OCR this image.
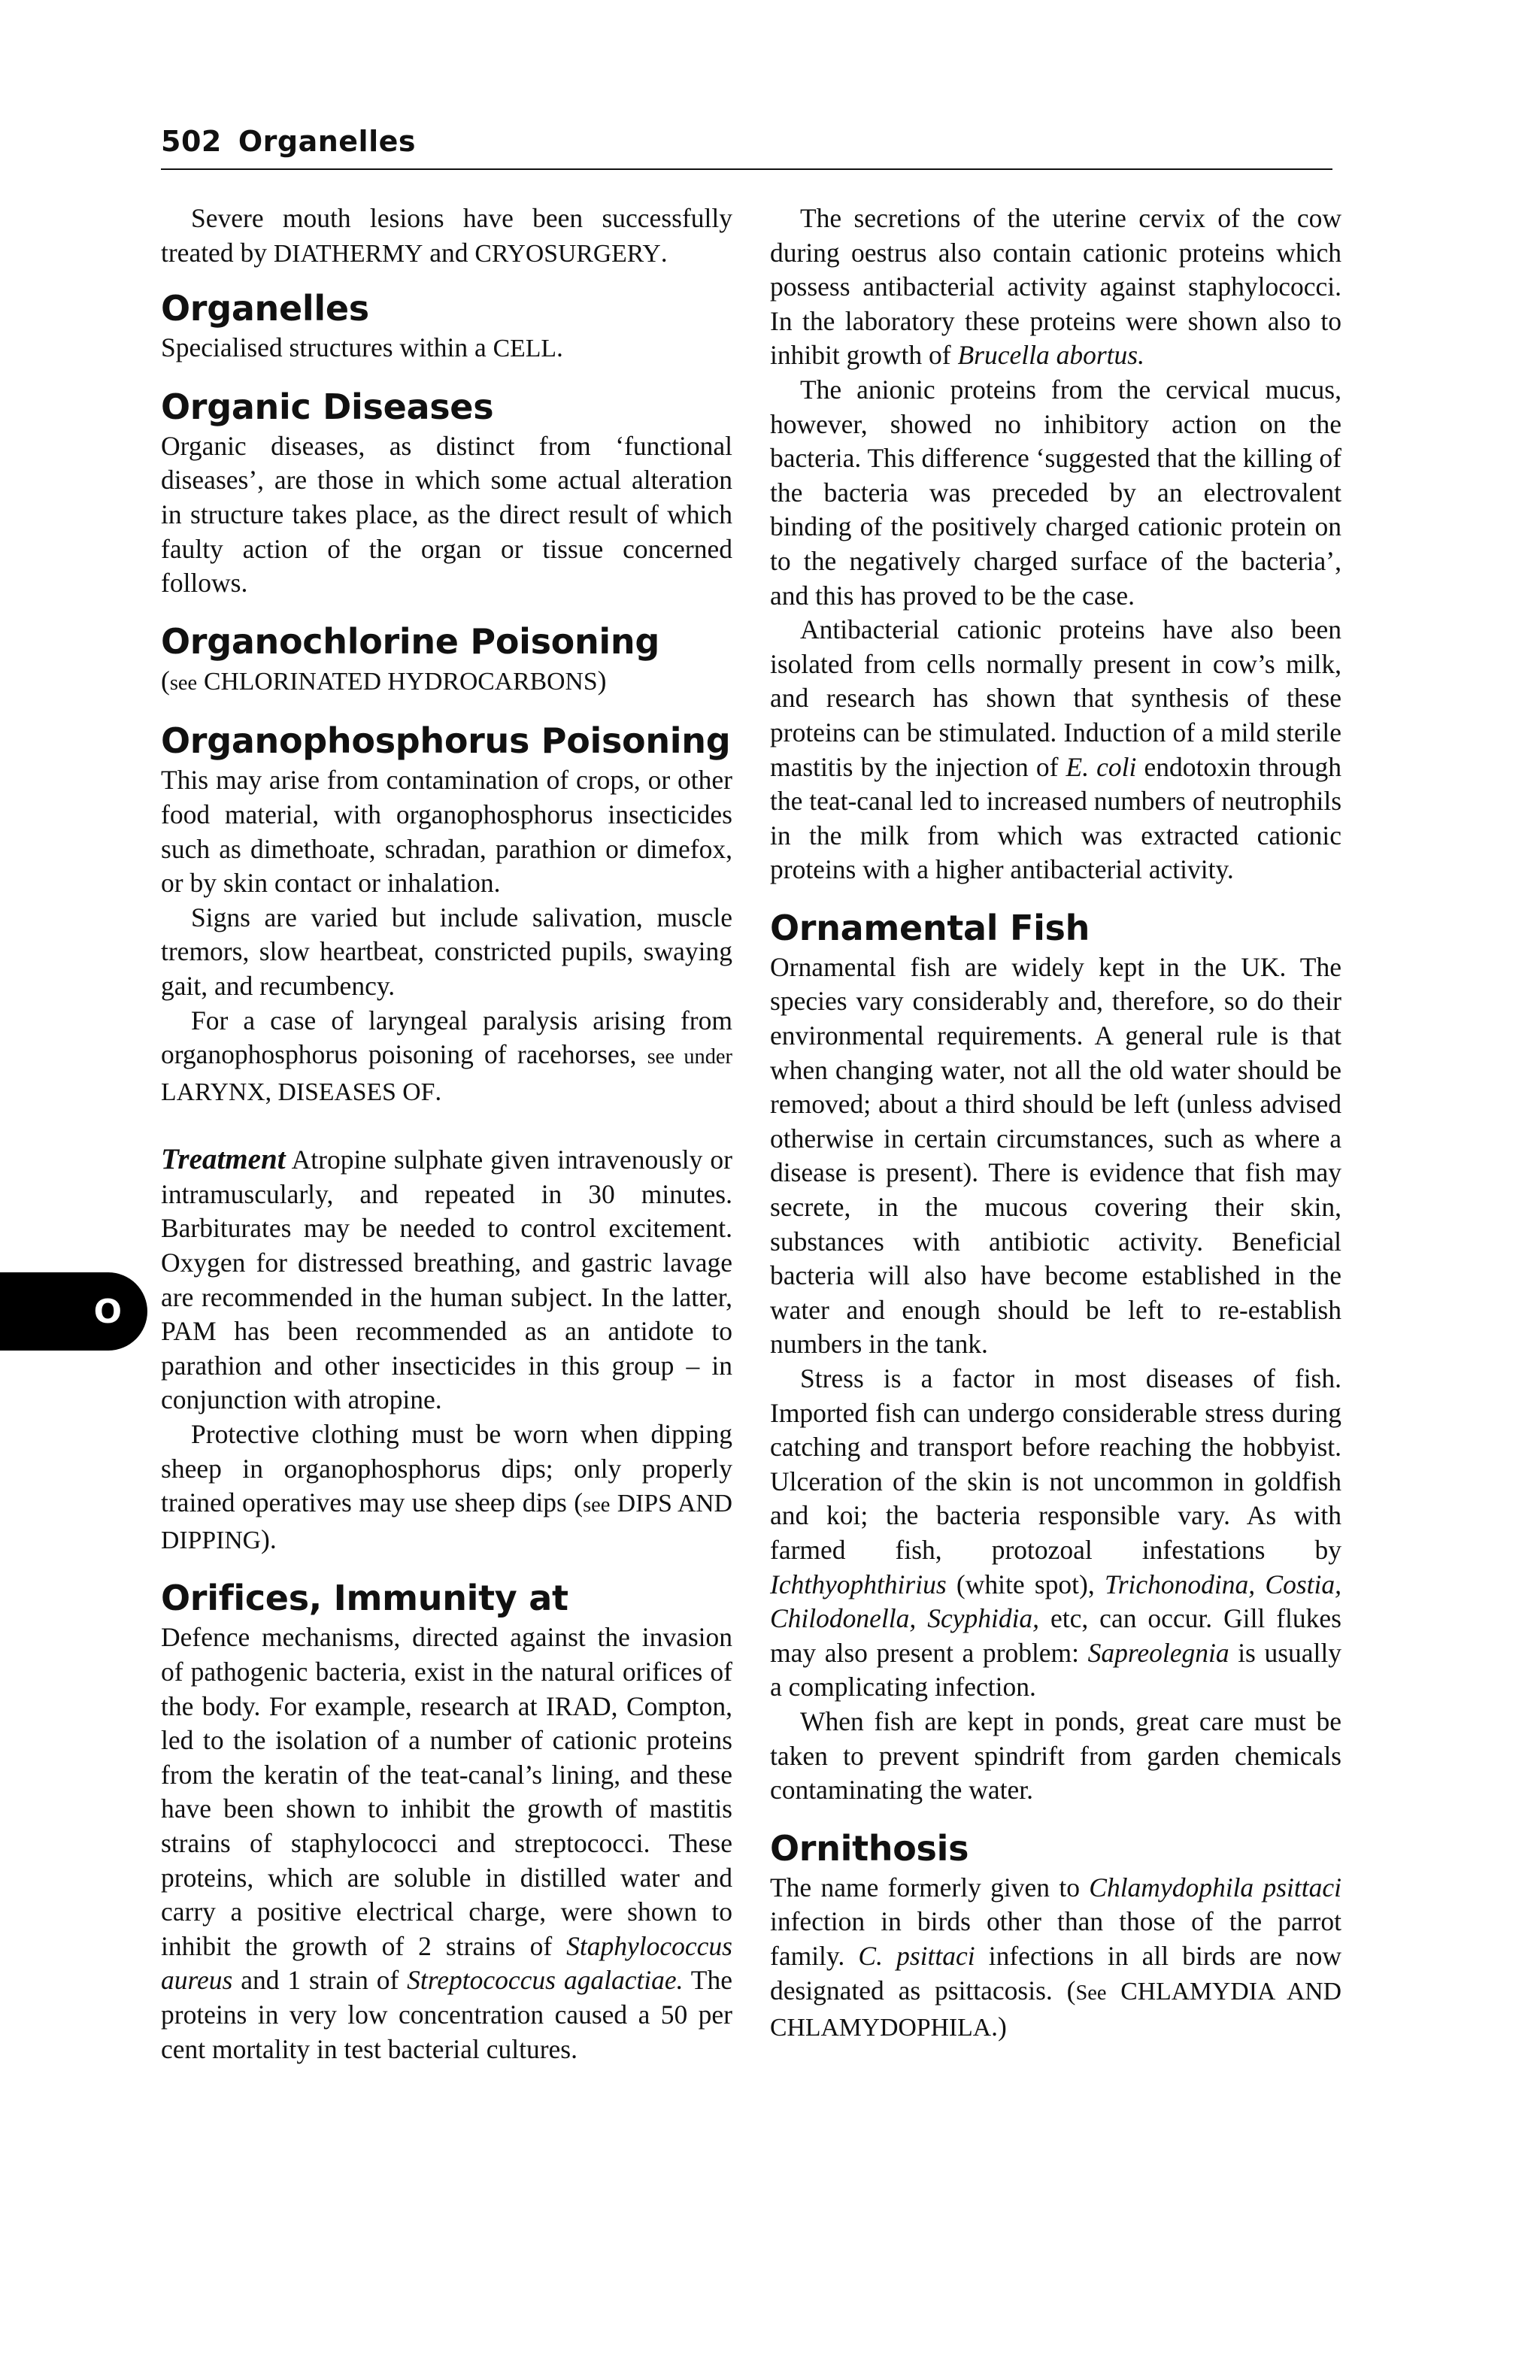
502 Organelles
O

Severe mouth lesions have been successfully treated by DIATHERMY and CRYOSURGERY.

Organelles

Specialised structures within a CELL.

Organic Diseases

Organic diseases, as distinct from ‘functional diseases’, are those in which some actual alteration in structure takes place, as the direct result of which faulty action of the organ or tissue concerned follows.

Organochlorine Poisoning

(see CHLORINATED HYDROCARBONS)

Organophosphorus Poisoning

This may arise from contamination of crops, or other food material, with organophosphorus insecticides such as dimethoate, schradan, parathion or dimefox, or by skin contact or inhalation.

Signs are varied but include salivation, muscle tremors, slow heartbeat, constricted pupils, swaying gait, and recumbency.

For a case of laryngeal paralysis arising from organophosphorus poisoning of racehorses, see under LARYNX, DISEASES OF.

Treatment Atropine sulphate given intravenously or intramuscularly, and repeated in 30 minutes. Barbiturates may be needed to control excitement. Oxygen for distressed breathing, and gastric lavage are recommended in the human subject. In the latter, PAM has been recommended as an antidote to parathion and other insecticides in this group – in conjunction with atropine.

Protective clothing must be worn when dipping sheep in organophosphorus dips; only properly trained operatives may use sheep dips (see DIPS AND DIPPING).

Orifices, Immunity at

Defence mechanisms, directed against the invasion of pathogenic bacteria, exist in the natural orifices of the body. For example, research at IRAD, Compton, led to the isolation of a number of cationic proteins from the keratin of the teat-canal’s lining, and these have been shown to inhibit the growth of mastitis strains of staphylococci and streptococci. These proteins, which are soluble in distilled water and carry a positive electrical charge, were shown to inhibit the growth of 2 strains of Staphylococcus aureus and 1 strain of Streptococcus agalactiae. The proteins in very low concentration caused a 50 per cent mortality in test bacterial cultures.

The secretions of the uterine cervix of the cow during oestrus also contain cationic proteins which possess antibacterial activity against staphylococci. In the laboratory these proteins were shown also to inhibit growth of Brucella abortus.

The anionic proteins from the cervical mucus, however, showed no inhibitory action on the bacteria. This difference ‘suggested that the killing of the bacteria was preceded by an electrovalent binding of the positively charged cationic protein on to the negatively charged surface of the bacteria’, and this has proved to be the case.

Antibacterial cationic proteins have also been isolated from cells normally present in cow’s milk, and research has shown that synthesis of these proteins can be stimulated. Induction of a mild sterile mastitis by the injection of E. coli endotoxin through the teat-canal led to increased numbers of neutrophils in the milk from which was extracted cationic proteins with a higher antibacterial activity.

Ornamental Fish

Ornamental fish are widely kept in the UK. The species vary considerably and, therefore, so do their environmental requirements. A general rule is that when changing water, not all the old water should be removed; about a third should be left (unless advised otherwise in certain circumstances, such as where a disease is present). There is evidence that fish may secrete, in the mucous covering their skin, substances with antibiotic activity. Beneficial bacteria will also have become established in the water and enough should be left to re-establish numbers in the tank.

Stress is a factor in most diseases of fish. Imported fish can undergo considerable stress during catching and transport before reaching the hobbyist. Ulceration of the skin is not uncommon in goldfish and koi; the bacteria responsible vary. As with farmed fish, protozoal infestations by Ichthyophthirius (white spot), Trichonodina, Costia, Chilodonella, Scyphidia, etc, can occur. Gill flukes may also present a problem: Sapreolegnia is usually a complicating infection.

When fish are kept in ponds, great care must be taken to prevent spindrift from garden chemicals contaminating the water.

Ornithosis

The name formerly given to Chlamydophila psittaci infection in birds other than those of the parrot family. C. psittaci infections in all birds are now designated as psittacosis. (See CHLAMYDIA AND CHLAMYDOPHILA.)
